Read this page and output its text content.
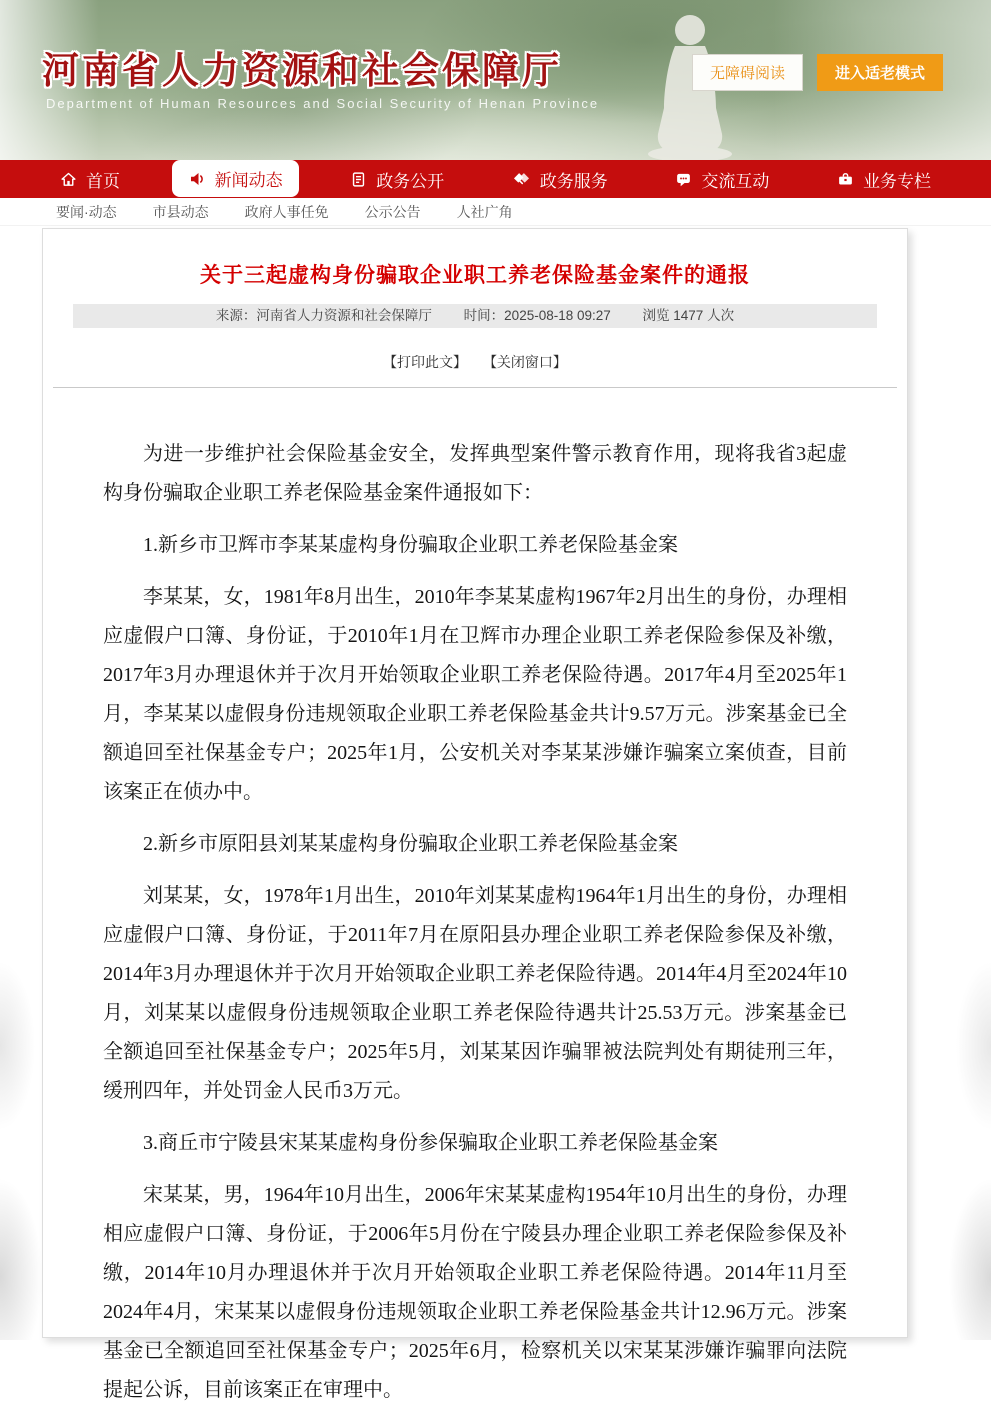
河南省人力资源和社会保障厅
Department of Human Resources and Social Security of Henan Province
无障碍阅读	进入适老模式
首页	新闻动态	政务公开	政务服务	交流互动	业务专栏
要闻·动态	市县动态	政府人事任免	公示公告	人社广角
关于三起虚构身份骗取企业职工养老保险基金案件的通报
来源：河南省人力资源和社会保障厅 时间：2025-08-18 09:27 浏览 1477 人次
【打印此文】 【关闭窗口】

为进一步维护社会保险基金安全，发挥典型案件警示教育作用，现将我省3起虚构身份骗取企业职工养老保险基金案件通报如下：

1.新乡市卫辉市李某某虚构身份骗取企业职工养老保险基金案

李某某，女，1981年8月出生，2010年李某某虚构1967年2月出生的身份，办理相应虚假户口簿、身份证，于2010年1月在卫辉市办理企业职工养老保险参保及补缴，2017年3月办理退休并于次月开始领取企业职工养老保险待遇。2017年4月至2025年1月，李某某以虚假身份违规领取企业职工养老保险基金共计9.57万元。涉案基金已全额追回至社保基金专户；2025年1月，公安机关对李某某涉嫌诈骗案立案侦查，目前该案正在侦办中。

2.新乡市原阳县刘某某虚构身份骗取企业职工养老保险基金案

刘某某，女，1978年1月出生，2010年刘某某虚构1964年1月出生的身份，办理相应虚假户口簿、身份证，于2011年7月在原阳县办理企业职工养老保险参保及补缴，2014年3月办理退休并于次月开始领取企业职工养老保险待遇。2014年4月至2024年10月，刘某某以虚假身份违规领取企业职工养老保险待遇共计25.53万元。涉案基金已全额追回至社保基金专户；2025年5月，刘某某因诈骗罪被法院判处有期徒刑三年，缓刑四年，并处罚金人民币3万元。

3.商丘市宁陵县宋某某虚构身份参保骗取企业职工养老保险基金案

宋某某，男，1964年10月出生，2006年宋某某虚构1954年10月出生的身份，办理相应虚假户口簿、身份证，于2006年5月份在宁陵县办理企业职工养老保险参保及补缴，2014年10月办理退休并于次月开始领取企业职工养老保险待遇。2014年11月至2024年4月，宋某某以虚假身份违规领取企业职工养老保险基金共计12.96万元。涉案基金已全额追回至社保基金专户；2025年6月，检察机关以宋某某涉嫌诈骗罪向法院提起公诉，目前该案正在审理中。
